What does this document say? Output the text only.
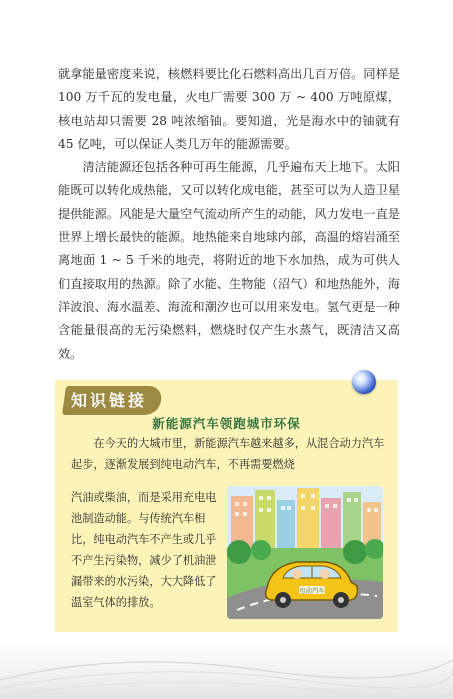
就拿能量密度来说，核燃料要比化石燃料高出几百万倍。同样是 100 万千瓦的发电量，火电厂需要 300 万 ~ 400 万吨原煤，核电站却只需要 28 吨浓缩铀。要知道，光是海水中的铀就有 45 亿吨，可以保证人类几万年的能源需要。

清洁能源还包括各种可再生能源，几乎遍布天上地下。太阳能既可以转化成热能，又可以转化成电能，甚至可以为人造卫星提供能源。风能是大量空气流动所产生的动能，风力发电一直是世界上增长最快的能源。地热能来自地球内部，高温的熔岩涌至离地面 1 ~ 5 千米的地壳，将附近的地下水加热，成为可供人们直接取用的热源。除了水能、生物能（沼气）和地热能外，海洋波浪、海水温差、海流和潮汐也可以用来发电。氢气更是一种含能量很高的无污染燃料，燃烧时仅产生水蒸气，既清洁又高效。

知识链接
新能源汽车领跑城市环保

在今天的大城市里，新能源汽车越来越多，从混合动力汽车起步，逐渐发展到纯电动汽车，不再需要燃烧

汽油或柴油，而是采用充电电池制造动能。与传统汽车相比，纯电动汽车不产生或几乎不产生污染物，减少了机油泄漏带来的水污染，大大降低了温室气体的排放。

电动汽车
